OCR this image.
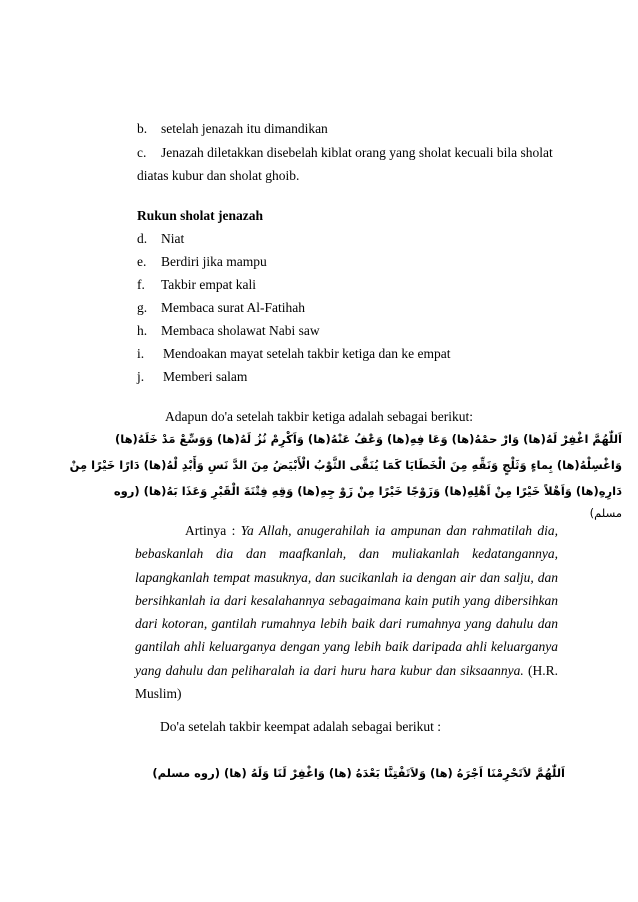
b. setelah jenazah itu dimandikan
c. Jenazah diletakkan disebelah kiblat orang yang sholat kecuali bila sholat
diatas kubur dan sholat ghoib.
Rukun sholat jenazah
d. Niat
e. Berdiri jika mampu
f. Takbir empat kali
g. Membaca surat Al-Fatihah
h. Membaca sholawat Nabi saw
i. Mendoakan mayat setelah takbir ketiga dan ke empat
j. Memberi salam
Adapun do'a setelah takbir ketiga adalah sebagai berikut:
اَللّٰهُمَّ اغْفِرْ لَهُ(ها) وَارْ حمْهُ(ها) وَعَا فِهِ(ها) وَعْفُ عَنْهُ(ها) وَاَكْرِمْ نُزُ لَهُ(ها) وَوَسِّعْ مَدْ خَلَهُ(ها)
وَاغْسِلْهُ(ها) بِماءٍ وَثَلْجٍ وَنَقِّهِ مِنَ الْخَطَايَا كَمَا يُنَقَّى الثَّوْبُ الْأَبْيَضُ مِنَ الدَّ نَسِ وَأَبْدِ لْهُ(ها) دَارًا خَيْرًا مِنْ
دَارِهِ(ها) وَاَهْلاً خَيْرًا مِنْ اَهْلِهِ(ها) وَزَوْجًا خَيْرًا مِنْ زَوْ جِهِ(ها) وَقِهِ فِتْنَةَ الْقَبْرِ وَعَذَا بَهُ(ها) (روه
مسلم)
Artinya : Ya Allah, anugerahilah ia ampunan dan rahmatilah dia, bebaskanlah dia dan maafkanlah, dan muliakanlah kedatangannya, lapangkanlah tempat masuknya, dan sucikanlah ia dengan air dan salju, dan bersihkanlah ia dari kesalahannya sebagaimana kain putih yang dibersihkan dari kotoran, gantilah rumahnya lebih baik dari rumahnya yang dahulu dan gantilah ahli keluarganya dengan yang lebih baik daripada ahli keluarganya yang dahulu dan peliharalah ia dari huru hara kubur dan siksaannya. (H.R. Muslim)
Do'a setelah takbir keempat adalah sebagai berikut :
اَللّٰهُمَّ لاَتَحْرِمْنَا اَجْرَهُ (ها) وَلاَتَفْتِنَّا بَعْدَهُ (ها) وَاغْفِرْ لَنَا وَلَهُ (ها) (روه مسلم)
